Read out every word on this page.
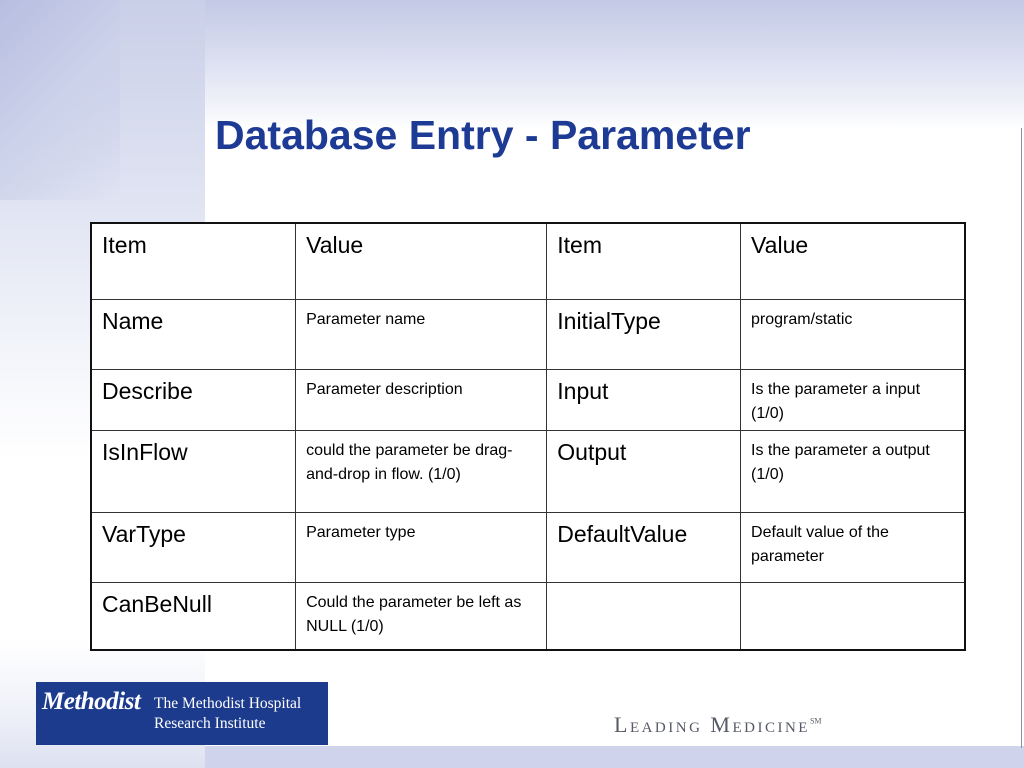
Database Entry - Parameter
Item	Value	Item	Value
Name	Parameter name	InitialType	program/static
Describe	Parameter description	Input	Is the parameter a input (1/0)
IsInFlow	could the parameter be drag-and-drop in flow. (1/0)	Output	Is the parameter a output (1/0)
VarType	Parameter type	DefaultValue	Default value of the parameter
CanBeNull	Could the parameter be left as NULL (1/0)		
Methodist The Methodist Hospital
Research Institute	Leading Medicine℠
